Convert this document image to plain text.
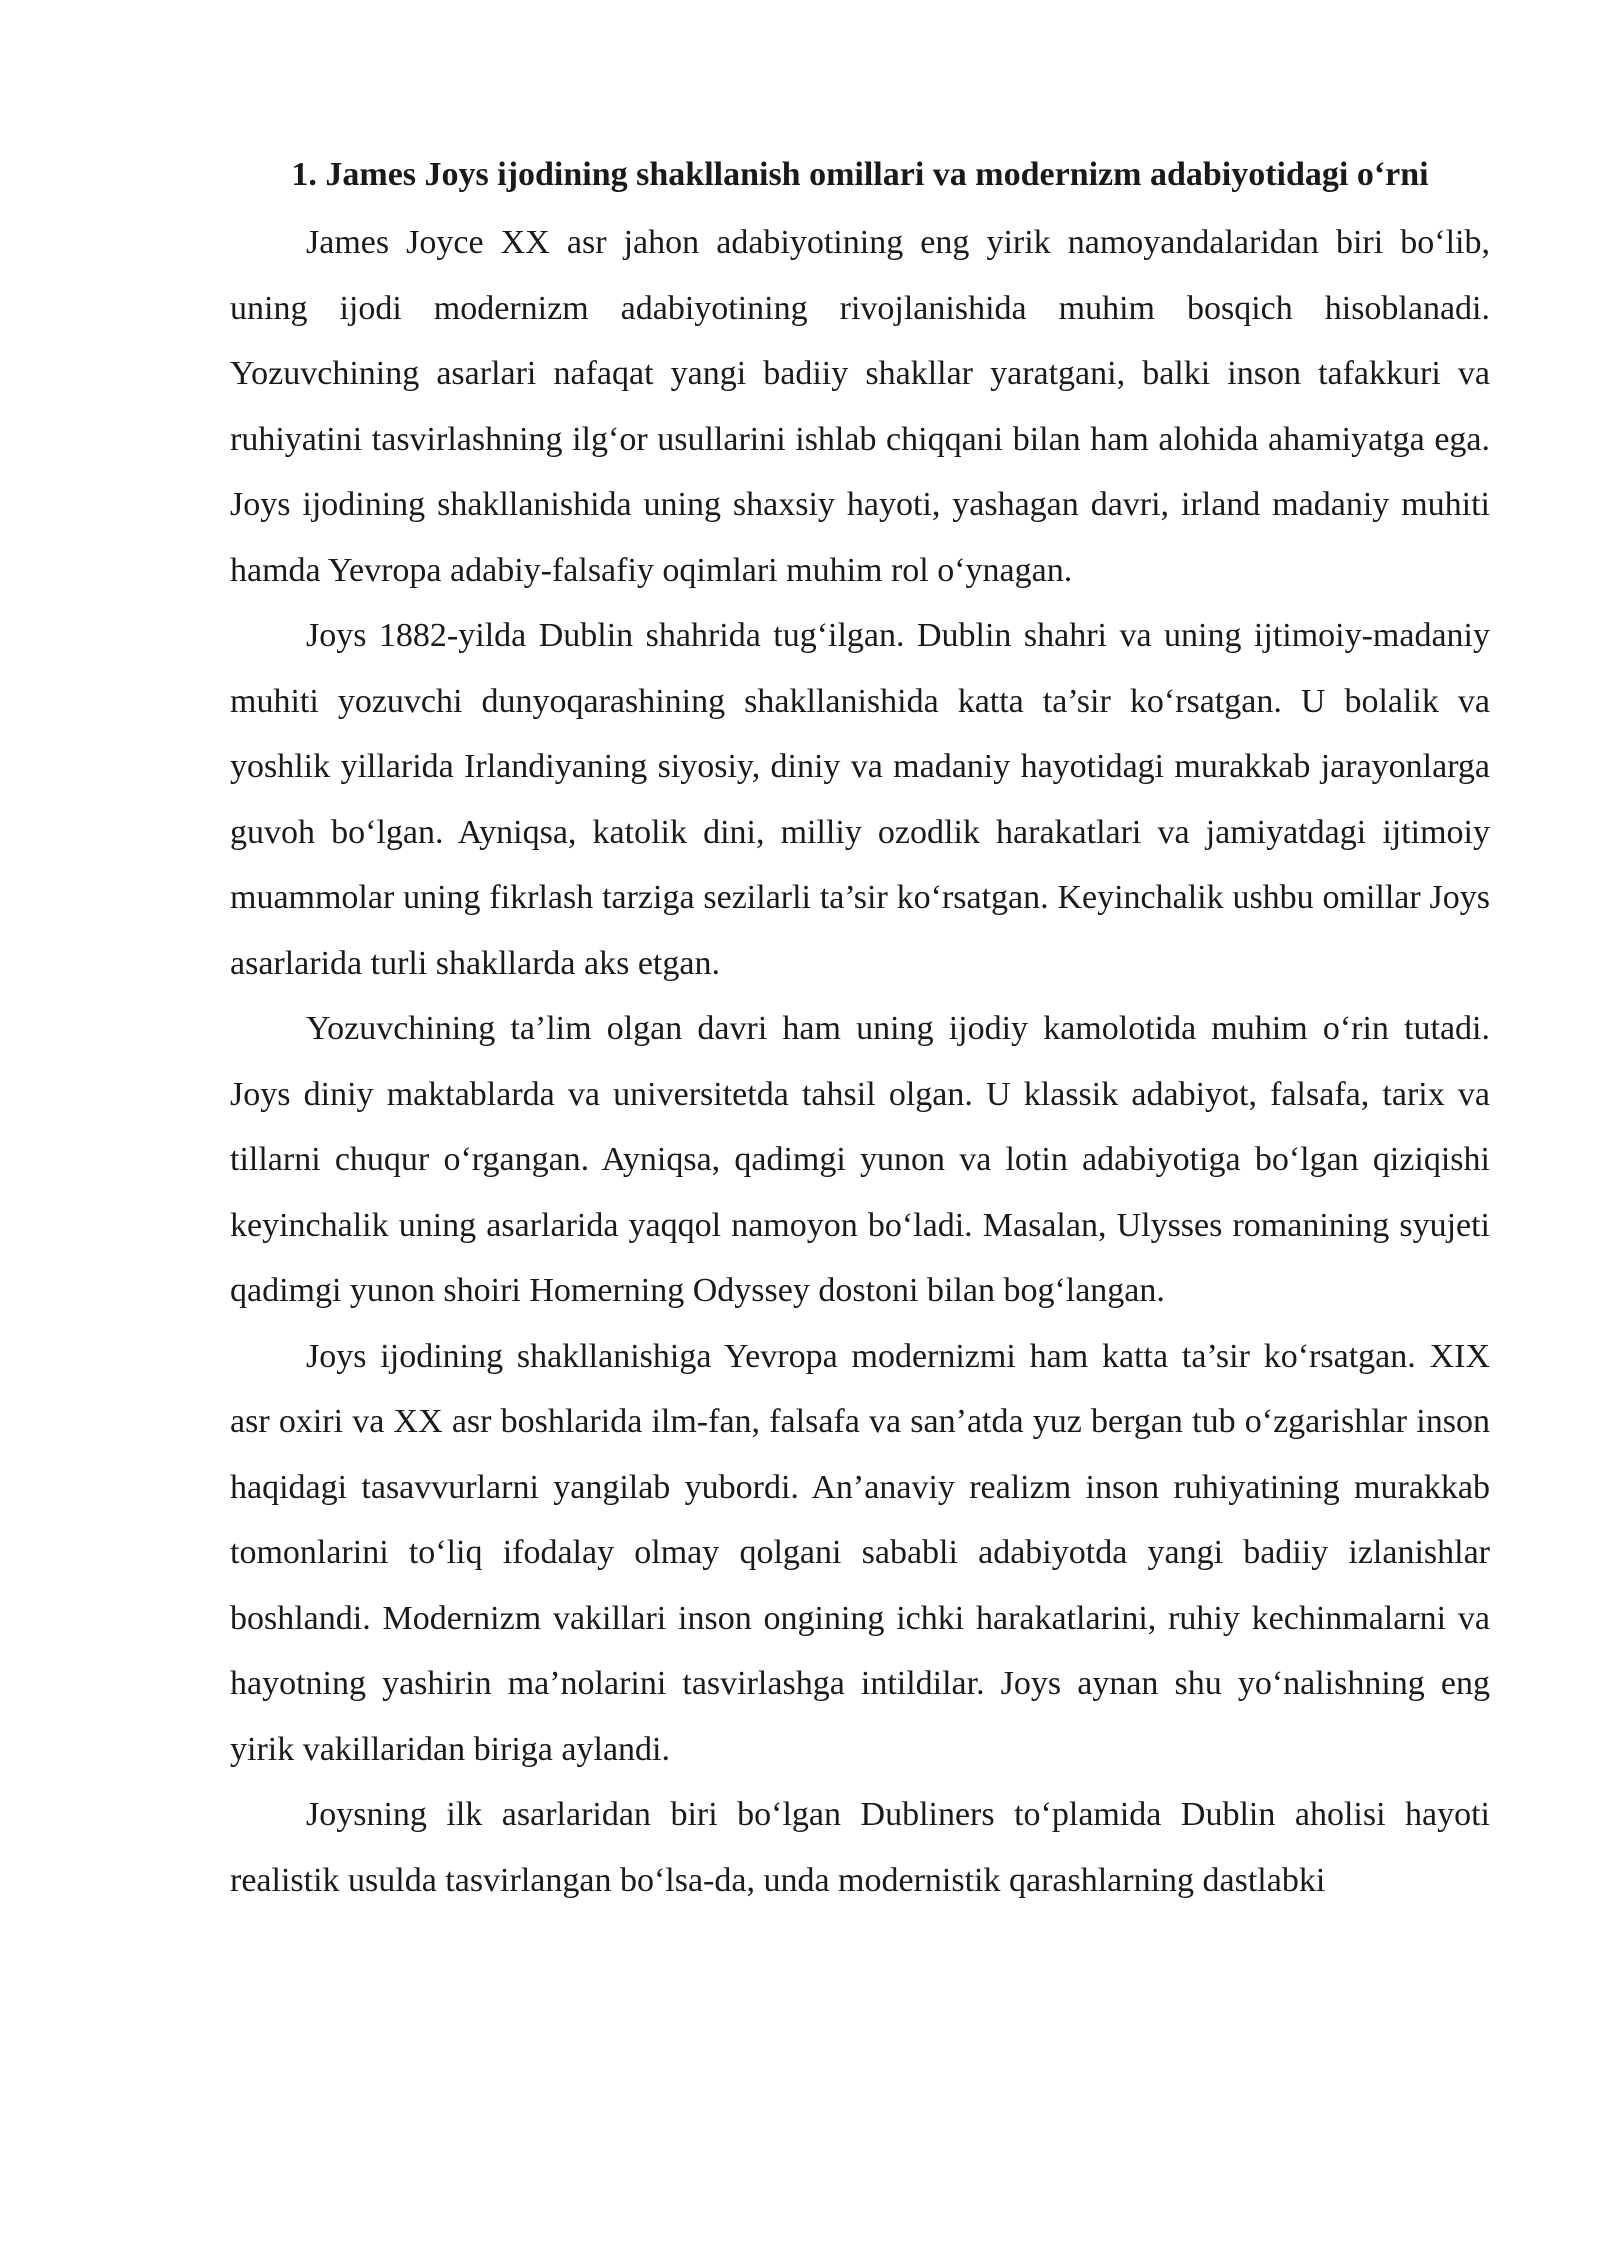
1. James Joys ijodining shakllanish omillari va modernizm adabiyotidagi o‘rni

James Joyce XX asr jahon adabiyotining eng yirik namoyandalaridan biri bo‘lib, uning ijodi modernizm adabiyotining rivojlanishida muhim bosqich hisoblanadi. Yozuvchining asarlari nafaqat yangi badiiy shakllar yaratgani, balki inson tafakkuri va ruhiyatini tasvirlashning ilg‘or usullarini ishlab chiqqani bilan ham alohida ahamiyatga ega. Joys ijodining shakllanishida uning shaxsiy hayoti, yashagan davri, irland madaniy muhiti hamda Yevropa adabiy-falsafiy oqimlari muhim rol o‘ynagan.

Joys 1882-yilda Dublin shahrida tug‘ilgan. Dublin shahri va uning ijtimoiy-madaniy muhiti yozuvchi dunyoqarashining shakllanishida katta ta’sir ko‘rsatgan. U bolalik va yoshlik yillarida Irlandiyaning siyosiy, diniy va madaniy hayotidagi murakkab jarayonlarga guvoh bo‘lgan. Ayniqsa, katolik dini, milliy ozodlik harakatlari va jamiyatdagi ijtimoiy muammolar uning fikrlash tarziga sezilarli ta’sir ko‘rsatgan. Keyinchalik ushbu omillar Joys asarlarida turli shakllarda aks etgan.

Yozuvchining ta’lim olgan davri ham uning ijodiy kamolotida muhim o‘rin tutadi. Joys diniy maktablarda va universitetda tahsil olgan. U klassik adabiyot, falsafa, tarix va tillarni chuqur o‘rgangan. Ayniqsa, qadimgi yunon va lotin adabiyotiga bo‘lgan qiziqishi keyinchalik uning asarlarida yaqqol namoyon bo‘ladi. Masalan, Ulysses romanining syujeti qadimgi yunon shoiri Homerning Odyssey dostoni bilan bog‘langan.

Joys ijodining shakllanishiga Yevropa modernizmi ham katta ta’sir ko‘rsatgan. XIX asr oxiri va XX asr boshlarida ilm-fan, falsafa va san’atda yuz bergan tub o‘zgarishlar inson haqidagi tasavvurlarni yangilab yubordi. An’anaviy realizm inson ruhiyatining murakkab tomonlarini to‘liq ifodalay olmay qolgani sababli adabiyotda yangi badiiy izlanishlar boshlandi. Modernizm vakillari inson ongining ichki harakatlarini, ruhiy kechinmalarni va hayotning yashirin ma’nolarini tasvirlashga intildilar. Joys aynan shu yo‘nalishning eng yirik vakillaridan biriga aylandi.

Joysning ilk asarlaridan biri bo‘lgan Dubliners to‘plamida Dublin aholisi hayoti realistik usulda tasvirlangan bo‘lsa-da, unda modernistik qarashlarning dastlabki
